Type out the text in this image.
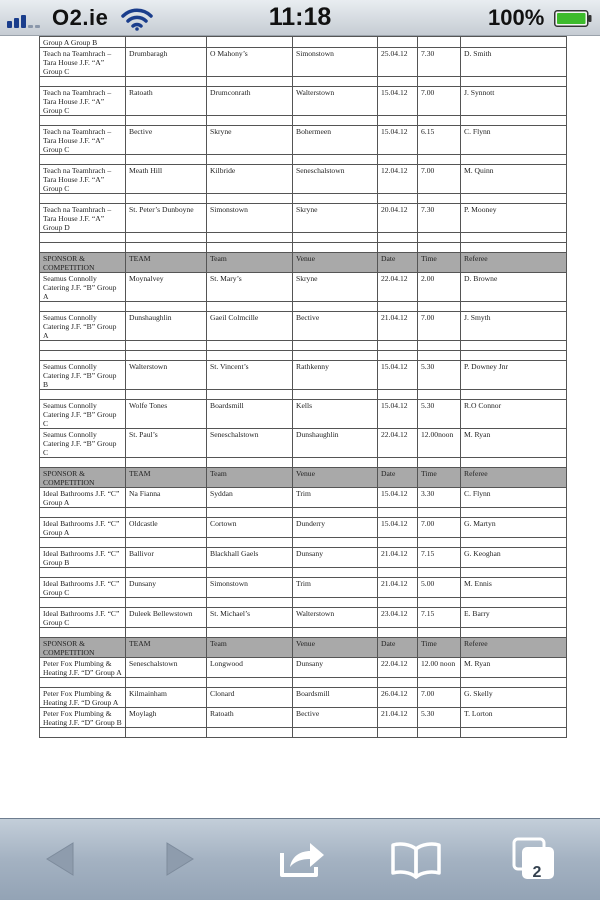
O2.ie	11:18	100%
Group A Group B						
Teach na Teamhrach – Tara House J.F. “A” Group C	Drumbaragh	O Mahony’s	Simonstown	25.04.12	7.30	D. Smith

Teach na Teamhrach – Tara House J.F. “A” Group C	Ratoath	Drumconrath	Walterstown	15.04.12	7.00	J. Synnott

Teach na Teamhrach – Tara House J.F. “A” Group C	Bective	Skryne	Bohermeen	15.04.12	6.15	C. Flynn

Teach na Teamhrach – Tara House J.F. “A” Group C	Meath Hill	Kilbride	Seneschalstown	12.04.12	7.00	M. Quinn

Teach na Teamhrach – Tara House J.F. “A” Group D	St. Peter’s Dunboyne	Simonstown	Skryne	20.04.12	7.30	P. Mooney

SPONSOR & COMPETITION	TEAM	Team	Venue	Date	Time	Referee
Seamus Connolly Catering J.F. “B” Group A	Moynalvey	St. Mary’s	Skryne	22.04.12	2.00	D. Browne

Seamus Connolly Catering J.F. “B” Group A	Dunshaughlin	Gaeil Colmcille	Bective	21.04.12	7.00	J. Smyth

Seamus Connolly Catering J.F. “B” Group B	Walterstown	St. Vincent’s	Rathkenny	15.04.12	5.30	P. Downey Jnr

Seamus Connolly Catering J.F. “B” Group C	Wolfe Tones	Boardsmill	Kells	15.04.12	5.30	R.O Connor
Seamus Connolly Catering J.F. “B” Group C	St. Paul’s	Seneschalstown	Dunshaughlin	22.04.12	12.00noon	M. Ryan

SPONSOR & COMPETITION	TEAM	Team	Venue	Date	Time	Referee
Ideal Bathrooms J.F. “C” Group A	Na Fianna	Syddan	Trim	15.04.12	3.30	C. Flynn

Ideal Bathrooms J.F. “C” Group A	Oldcastle	Cortown	Dunderry	15.04.12	7.00	G. Martyn

Ideal Bathrooms J.F. “C” Group B	Ballivor	Blackhall Gaels	Dunsany	21.04.12	7.15	G. Keoghan

Ideal Bathrooms J.F. “C” Group C	Dunsany	Simonstown	Trim	21.04.12	5.00	M. Ennis

Ideal Bathrooms J.F. “C” Group C	Duleek Bellewstown	St. Michael’s	Walterstown	23.04.12	7.15	E. Barry

SPONSOR & COMPETITION	TEAM	Team	Venue	Date	Time	Referee
Peter Fox Plumbing & Heating J.F. “D” Group A	Seneschalstown	Longwood	Dunsany	22.04.12	12.00 noon	M. Ryan

Peter Fox Plumbing & Heating J.F. “D Group A	Kilmainham	Clonard	Boardsmill	26.04.12	7.00	G. Skelly
Peter Fox Plumbing & Heating J.F. “D” Group B	Moylagh	Ratoath	Bective	21.04.12	5.30	T. Lorton

2
